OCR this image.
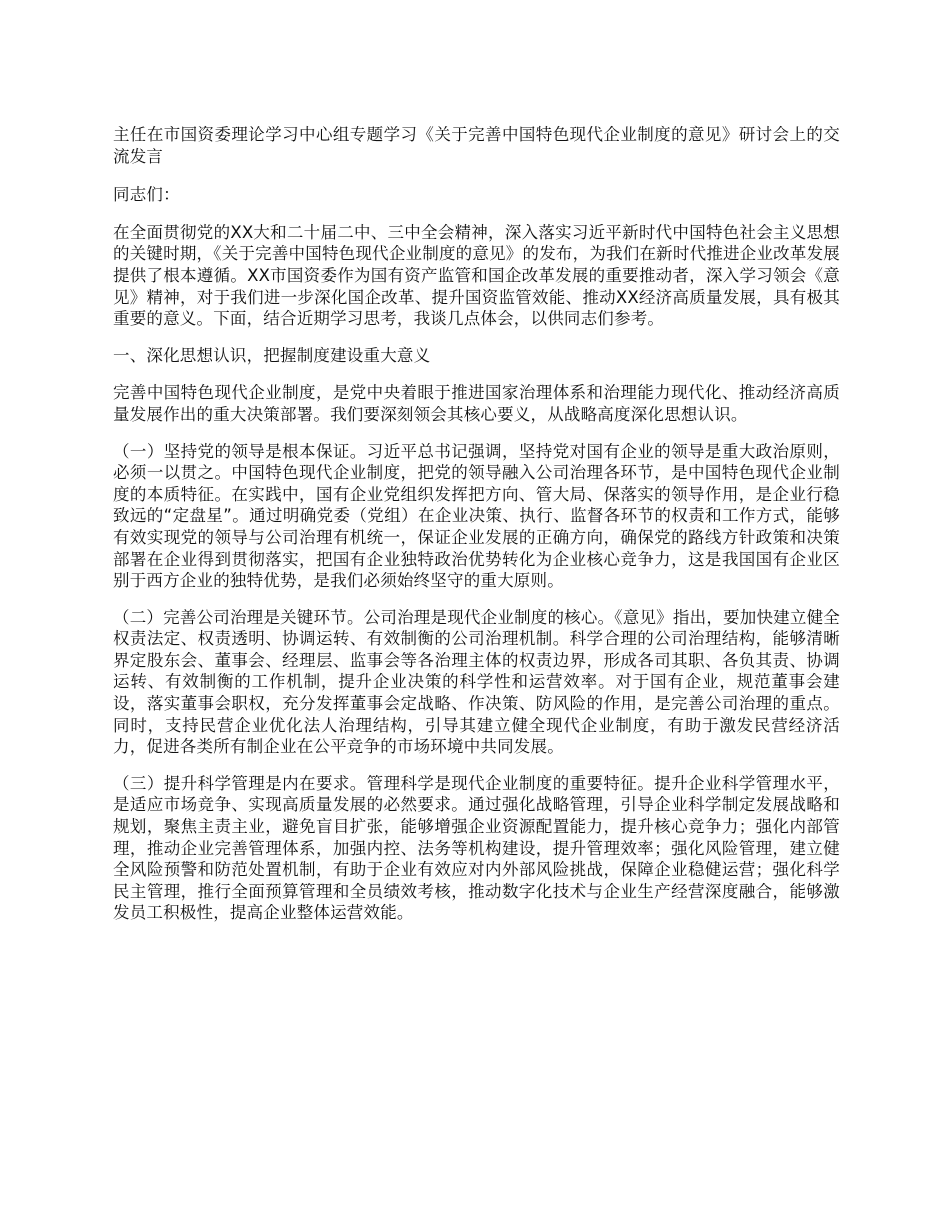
主任在市国资委理论学习中心组专题学习《关于完善中国特色现代企业制度的意见》研讨会上的交流发言

同志们：

在全面贯彻党的XX大和二十届二中、三中全会精神，深入落实习近平新时代中国特色社会主义思想的关键时期，《关于完善中国特色现代企业制度的意见》的发布，为我们在新时代推进企业改革发展提供了根本遵循。XX市国资委作为国有资产监管和国企改革发展的重要推动者，深入学习领会《意见》精神，对于我们进一步深化国企改革、提升国资监管效能、推动XX经济高质量发展，具有极其重要的意义。下面，结合近期学习思考，我谈几点体会，以供同志们参考。

一、深化思想认识，把握制度建设重大意义

完善中国特色现代企业制度，是党中央着眼于推进国家治理体系和治理能力现代化、推动经济高质量发展作出的重大决策部署。我们要深刻领会其核心要义，从战略高度深化思想认识。

（一）坚持党的领导是根本保证。习近平总书记强调，坚持党对国有企业的领导是重大政治原则，必须一以贯之。中国特色现代企业制度，把党的领导融入公司治理各环节，是中国特色现代企业制度的本质特征。在实践中，国有企业党组织发挥把方向、管大局、保落实的领导作用，是企业行稳致远的“定盘星”。通过明确党委（党组）在企业决策、执行、监督各环节的权责和工作方式，能够有效实现党的领导与公司治理有机统一，保证企业发展的正确方向，确保党的路线方针政策和决策部署在企业得到贯彻落实，把国有企业独特政治优势转化为企业核心竞争力，这是我国国有企业区别于西方企业的独特优势，是我们必须始终坚守的重大原则。

（二）完善公司治理是关键环节。公司治理是现代企业制度的核心。《意见》指出，要加快建立健全权责法定、权责透明、协调运转、有效制衡的公司治理机制。科学合理的公司治理结构，能够清晰界定股东会、董事会、经理层、监事会等各治理主体的权责边界，形成各司其职、各负其责、协调运转、有效制衡的工作机制，提升企业决策的科学性和运营效率。对于国有企业，规范董事会建设，落实董事会职权，充分发挥董事会定战略、作决策、防风险的作用，是完善公司治理的重点。同时，支持民营企业优化法人治理结构，引导其建立健全现代企业制度，有助于激发民营经济活力，促进各类所有制企业在公平竞争的市场环境中共同发展。

（三）提升科学管理是内在要求。管理科学是现代企业制度的重要特征。提升企业科学管理水平，是适应市场竞争、实现高质量发展的必然要求。通过强化战略管理，引导企业科学制定发展战略和规划，聚焦主责主业，避免盲目扩张，能够增强企业资源配置能力，提升核心竞争力；强化内部管理，推动企业完善管理体系，加强内控、法务等机构建设，提升管理效率；强化风险管理，建立健全风险预警和防范处置机制，有助于企业有效应对内外部风险挑战，保障企业稳健运营；强化科学民主管理，推行全面预算管理和全员绩效考核，推动数字化技术与企业生产经营深度融合，能够激发员工积极性，提高企业整体运营效能。
